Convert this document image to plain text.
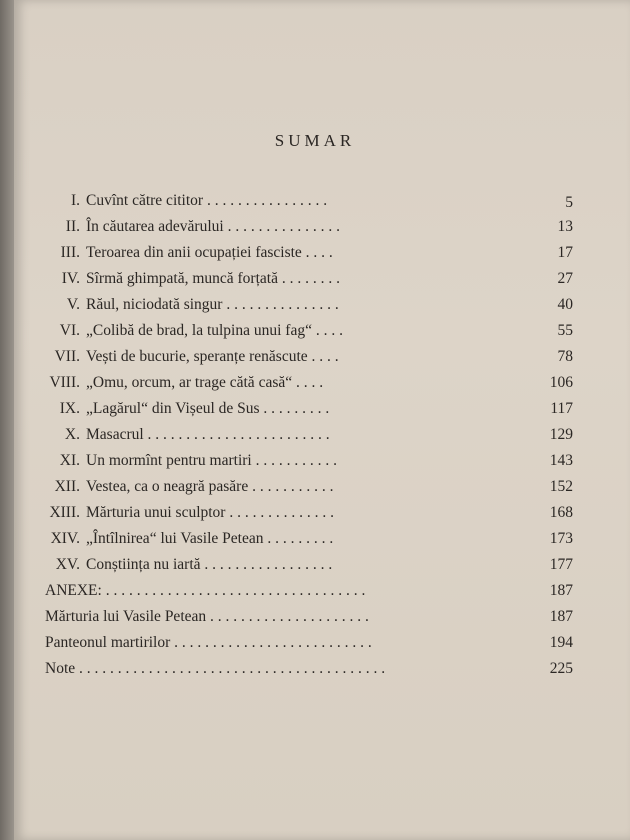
SUMAR
I. Cuvînt către cititor . . . . . . . . . . . . . . . .	5
II. În căutarea adevărului . . . . . . . . . . . . . . .	13
III. Teroarea din anii ocupației fasciste . . . .	17
IV. Sîrmă ghimpată, muncă forțată . . . . . . . .	27
V. Răul, niciodată singur . . . . . . . . . . . . . . .	40
VI. „Colibă de brad, la tulpina unui fag“ . . . .	55
VII. Vești de bucurie, speranțe renăscute . . . .	78
VIII. „Omu, orcum, ar trage cătă casă“ . . . .	106
IX. „Lagărul“ din Vișeul de Sus . . . . . . . . .	117
X. Masacrul . . . . . . . . . . . . . . . . . . . . . . . .	129
XI. Un mormînt pentru martiri . . . . . . . . . . .	143
XII. Vestea, ca o neagră pasăre . . . . . . . . . . .	152
XIII. Mărturia unui sculptor . . . . . . . . . . . . . .	168
XIV. „Întîlnirea“ lui Vasile Petean . . . . . . . . .	173
XV. Conștiința nu iartă . . . . . . . . . . . . . . . . .	177
ANEXE: . . . . . . . . . . . . . . . . . . . . . . . . . . . . . . . . . .	187
Mărturia lui Vasile Petean . . . . . . . . . . . . . . . . . . . . .	187
Panteonul martirilor . . . . . . . . . . . . . . . . . . . . . . . . . .	194
Note . . . . . . . . . . . . . . . . . . . . . . . . . . . . . . . . . . . . . . . .	225
